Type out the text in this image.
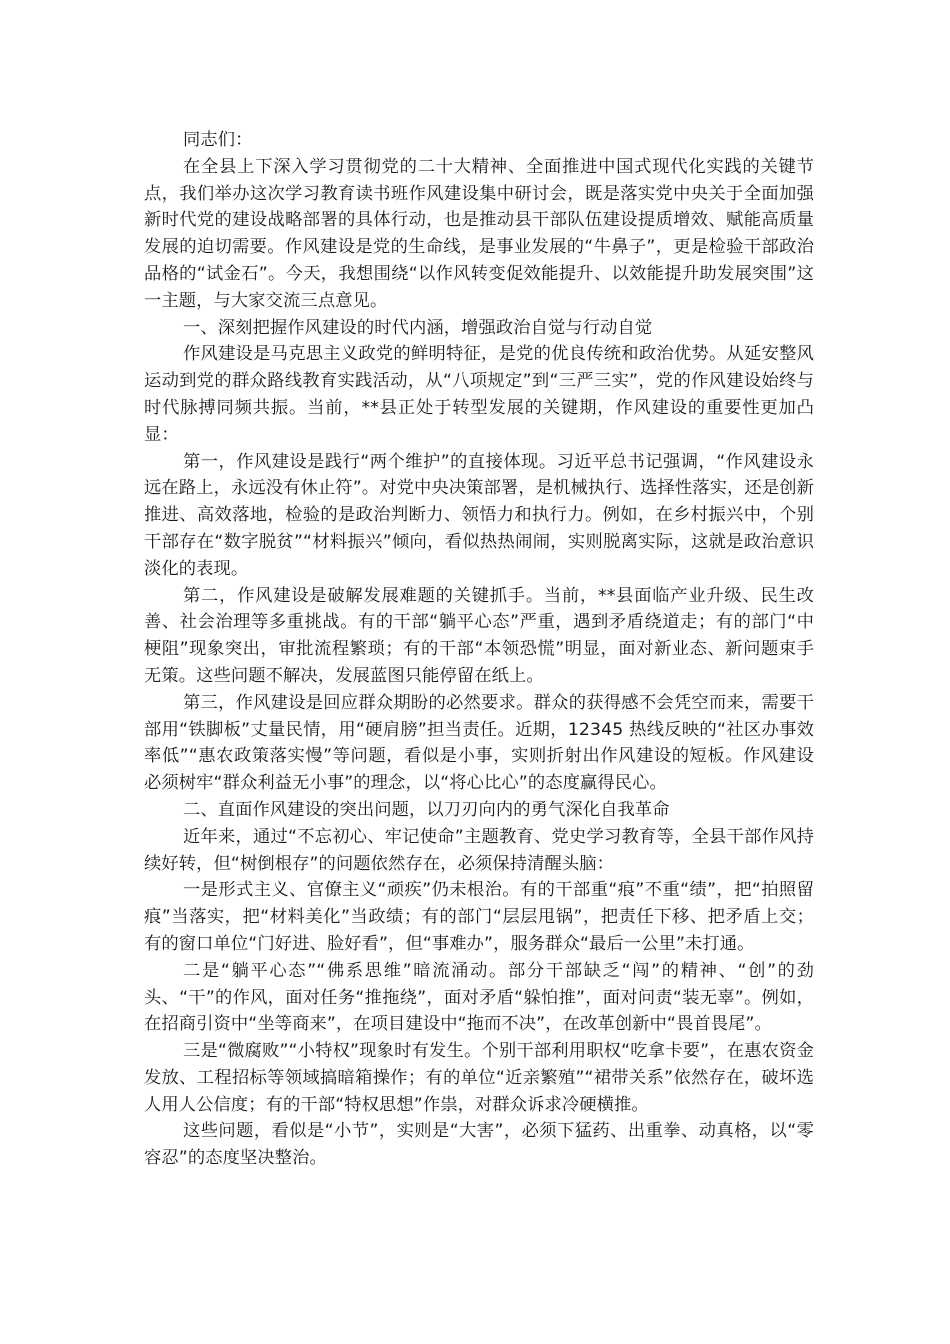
同志们：

在全县上下深入学习贯彻党的二十大精神、全面推进中国式现代化实践的关键节点，我们举办这次学习教育读书班作风建设集中研讨会，既是落实党中央关于全面加强新时代党的建设战略部署的具体行动，也是推动县干部队伍建设提质增效、赋能高质量发展的迫切需要。作风建设是党的生命线，是事业发展的“牛鼻子”，更是检验干部政治品格的“试金石”。今天，我想围绕“以作风转变促效能提升、以效能提升助发展突围”这一主题，与大家交流三点意见。

一、深刻把握作风建设的时代内涵，增强政治自觉与行动自觉

作风建设是马克思主义政党的鲜明特征，是党的优良传统和政治优势。从延安整风运动到党的群众路线教育实践活动，从“八项规定”到“三严三实”，党的作风建设始终与时代脉搏同频共振。当前，**县正处于转型发展的关键期，作风建设的重要性更加凸显：

第一，作风建设是践行“两个维护”的直接体现。习近平总书记强调，“作风建设永远在路上，永远没有休止符”。对党中央决策部署，是机械执行、选择性落实，还是创新推进、高效落地，检验的是政治判断力、领悟力和执行力。例如，在乡村振兴中，个别干部存在“数字脱贫”“材料振兴”倾向，看似热热闹闹，实则脱离实际，这就是政治意识淡化的表现。

第二，作风建设是破解发展难题的关键抓手。当前，**县面临产业升级、民生改善、社会治理等多重挑战。有的干部“躺平心态”严重，遇到矛盾绕道走；有的部门“中梗阻”现象突出，审批流程繁琐；有的干部“本领恐慌”明显，面对新业态、新问题束手无策。这些问题不解决，发展蓝图只能停留在纸上。

第三，作风建设是回应群众期盼的必然要求。群众的获得感不会凭空而来，需要干部用“铁脚板”丈量民情，用“硬肩膀”担当责任。近期，12345 热线反映的“社区办事效率低”“惠农政策落实慢”等问题，看似是小事，实则折射出作风建设的短板。作风建设必须树牢“群众利益无小事”的理念，以“将心比心”的态度赢得民心。

二、直面作风建设的突出问题，以刀刃向内的勇气深化自我革命

近年来，通过“不忘初心、牢记使命”主题教育、党史学习教育等，全县干部作风持续好转，但“树倒根存”的问题依然存在，必须保持清醒头脑：

一是形式主义、官僚主义“顽疾”仍未根治。有的干部重“痕”不重“绩”，把“拍照留痕”当落实，把“材料美化”当政绩；有的部门“层层甩锅”，把责任下移、把矛盾上交；有的窗口单位“门好进、脸好看”，但“事难办”，服务群众“最后一公里”未打通。

二是“躺平心态”“佛系思维”暗流涌动。部分干部缺乏“闯”的精神、“创”的劲头、“干”的作风，面对任务“推拖绕”，面对矛盾“躲怕推”，面对问责“装无辜”。例如，在招商引资中“坐等商来”，在项目建设中“拖而不决”，在改革创新中“畏首畏尾”。

三是“微腐败”“小特权”现象时有发生。个别干部利用职权“吃拿卡要”，在惠农资金发放、工程招标等领域搞暗箱操作；有的单位“近亲繁殖”“裙带关系”依然存在，破坏选人用人公信度；有的干部“特权思想”作祟，对群众诉求冷硬横推。

这些问题，看似是“小节”，实则是“大害”，必须下猛药、出重拳、动真格，以“零容忍”的态度坚决整治。
